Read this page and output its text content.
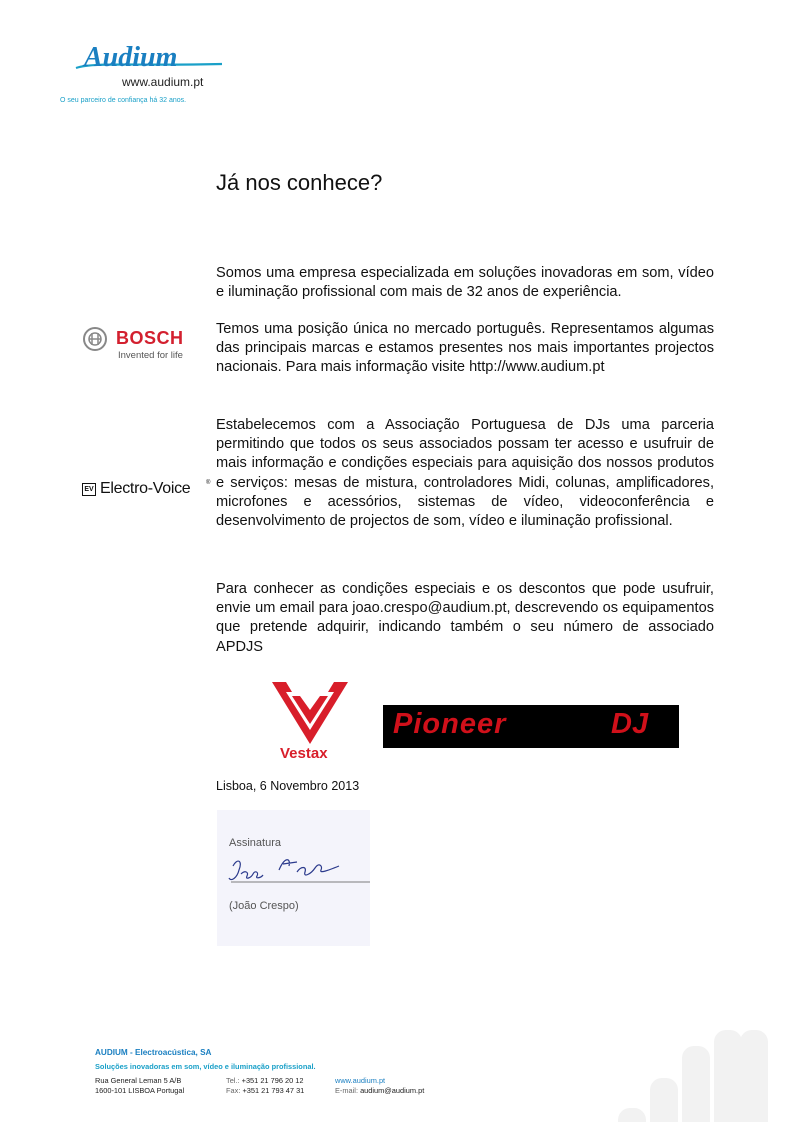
Audium
www.audium.pt
O seu parceiro de confiança há 32 anos.
Já nos conhece?

Somos uma empresa especializada em soluções inovadoras em som, vídeo e iluminação profissional com mais de 32 anos de experiência.

Temos uma posição única no mercado português. Representamos algumas das principais marcas e estamos presentes nos mais importantes projectos nacionais. Para mais informação visite http://www.audium.pt

Estabelecemos com a Associação Portuguesa de DJs uma parceria permitindo que todos os seus associados possam ter acesso e usufruir de mais informação e condições especiais para aquisição dos nossos produtos e serviços: mesas de mistura, controladores Midi, colunas, amplificadores, microfones e acessórios, sistemas de vídeo, videoconferência e desenvolvimento de projectos de som, vídeo e iluminação profissional.

Para conhecer as condições especiais e os descontos que pode usufruir, envie um email para joao.crespo@audium.pt, descrevendo os equipamentos que pretende adquirir, indicando também o seu número de associado APDJS

BOSCH
Invented for life
EV Electro-Voice	®
Vestax
Pioneer	DJ
Lisboa, 6 Novembro 2013
Assinatura
(João Crespo)
AUDIUM - Electroacústica, SA
Soluções inovadoras em som, vídeo e iluminação profissional.
Rua General Leman 5 A/B
1600-101 LISBOA Portugal
Tel.: +351 21 796 20 12
Fax: +351 21 793 47 31
www.audium.pt
E-mail: audium@audium.pt
